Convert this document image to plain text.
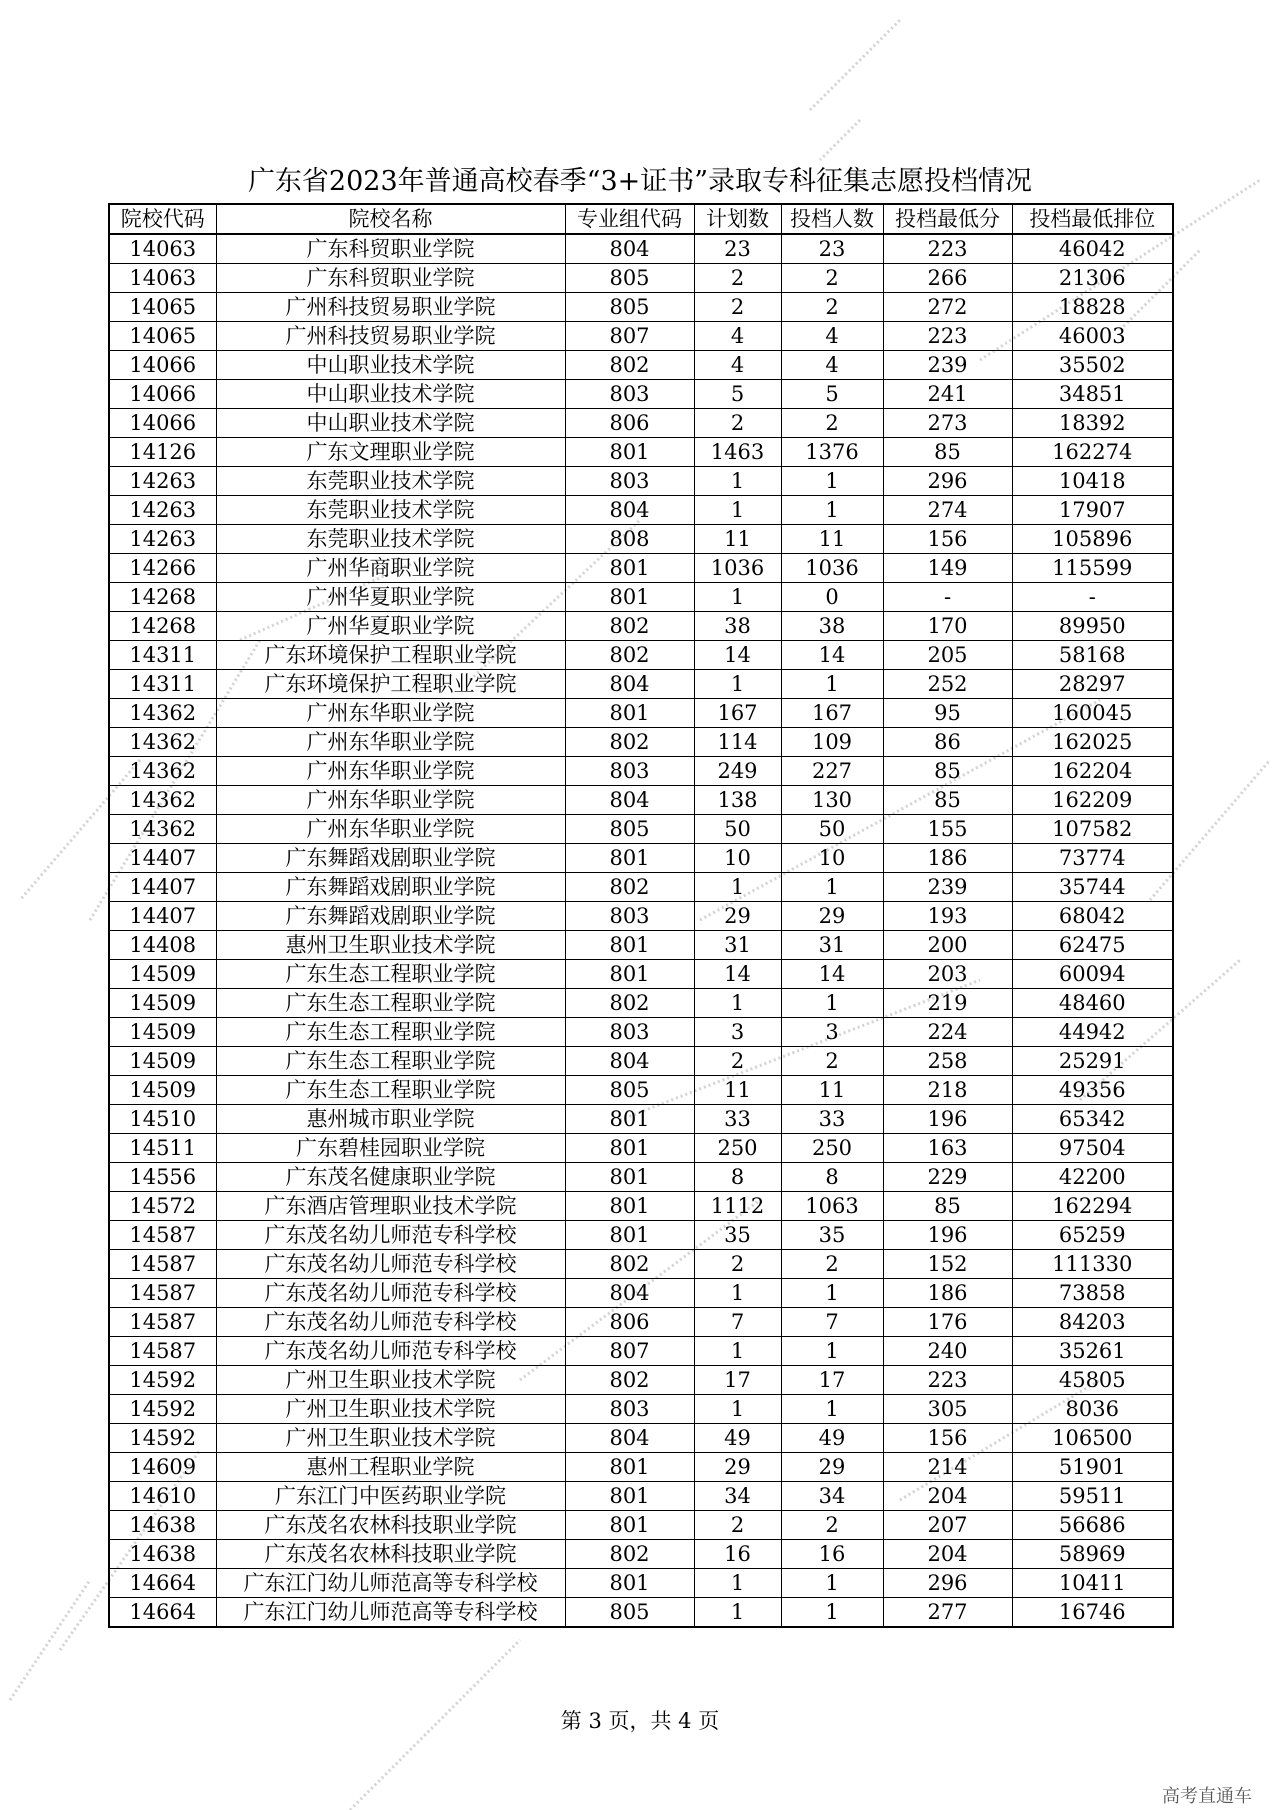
广东省2023年普通高校春季“3+证书”录取专科征集志愿投档情况
院校代码	院校名称	专业组代码	计划数	投档人数	投档最低分	投档最低排位
14063	广东科贸职业学院	804	23	23	223	46042
14063	广东科贸职业学院	805	2	2	266	21306
14065	广州科技贸易职业学院	805	2	2	272	18828
14065	广州科技贸易职业学院	807	4	4	223	46003
14066	中山职业技术学院	802	4	4	239	35502
14066	中山职业技术学院	803	5	5	241	34851
14066	中山职业技术学院	806	2	2	273	18392
14126	广东文理职业学院	801	1463	1376	85	162274
14263	东莞职业技术学院	803	1	1	296	10418
14263	东莞职业技术学院	804	1	1	274	17907
14263	东莞职业技术学院	808	11	11	156	105896
14266	广州华商职业学院	801	1036	1036	149	115599
14268	广州华夏职业学院	801	1	0	-	-
14268	广州华夏职业学院	802	38	38	170	89950
14311	广东环境保护工程职业学院	802	14	14	205	58168
14311	广东环境保护工程职业学院	804	1	1	252	28297
14362	广州东华职业学院	801	167	167	95	160045
14362	广州东华职业学院	802	114	109	86	162025
14362	广州东华职业学院	803	249	227	85	162204
14362	广州东华职业学院	804	138	130	85	162209
14362	广州东华职业学院	805	50	50	155	107582
14407	广东舞蹈戏剧职业学院	801	10	10	186	73774
14407	广东舞蹈戏剧职业学院	802	1	1	239	35744
14407	广东舞蹈戏剧职业学院	803	29	29	193	68042
14408	惠州卫生职业技术学院	801	31	31	200	62475
14509	广东生态工程职业学院	801	14	14	203	60094
14509	广东生态工程职业学院	802	1	1	219	48460
14509	广东生态工程职业学院	803	3	3	224	44942
14509	广东生态工程职业学院	804	2	2	258	25291
14509	广东生态工程职业学院	805	11	11	218	49356
14510	惠州城市职业学院	801	33	33	196	65342
14511	广东碧桂园职业学院	801	250	250	163	97504
14556	广东茂名健康职业学院	801	8	8	229	42200
14572	广东酒店管理职业技术学院	801	1112	1063	85	162294
14587	广东茂名幼儿师范专科学校	801	35	35	196	65259
14587	广东茂名幼儿师范专科学校	802	2	2	152	111330
14587	广东茂名幼儿师范专科学校	804	1	1	186	73858
14587	广东茂名幼儿师范专科学校	806	7	7	176	84203
14587	广东茂名幼儿师范专科学校	807	1	1	240	35261
14592	广州卫生职业技术学院	802	17	17	223	45805
14592	广州卫生职业技术学院	803	1	1	305	8036
14592	广州卫生职业技术学院	804	49	49	156	106500
14609	惠州工程职业学院	801	29	29	214	51901
14610	广东江门中医药职业学院	801	34	34	204	59511
14638	广东茂名农林科技职业学院	801	2	2	207	56686
14638	广东茂名农林科技职业学院	802	16	16	204	58969
14664	广东江门幼儿师范高等专科学校	801	1	1	296	10411
14664	广东江门幼儿师范高等专科学校	805	1	1	277	16746
第 3 页，共 4 页
高考直通车
